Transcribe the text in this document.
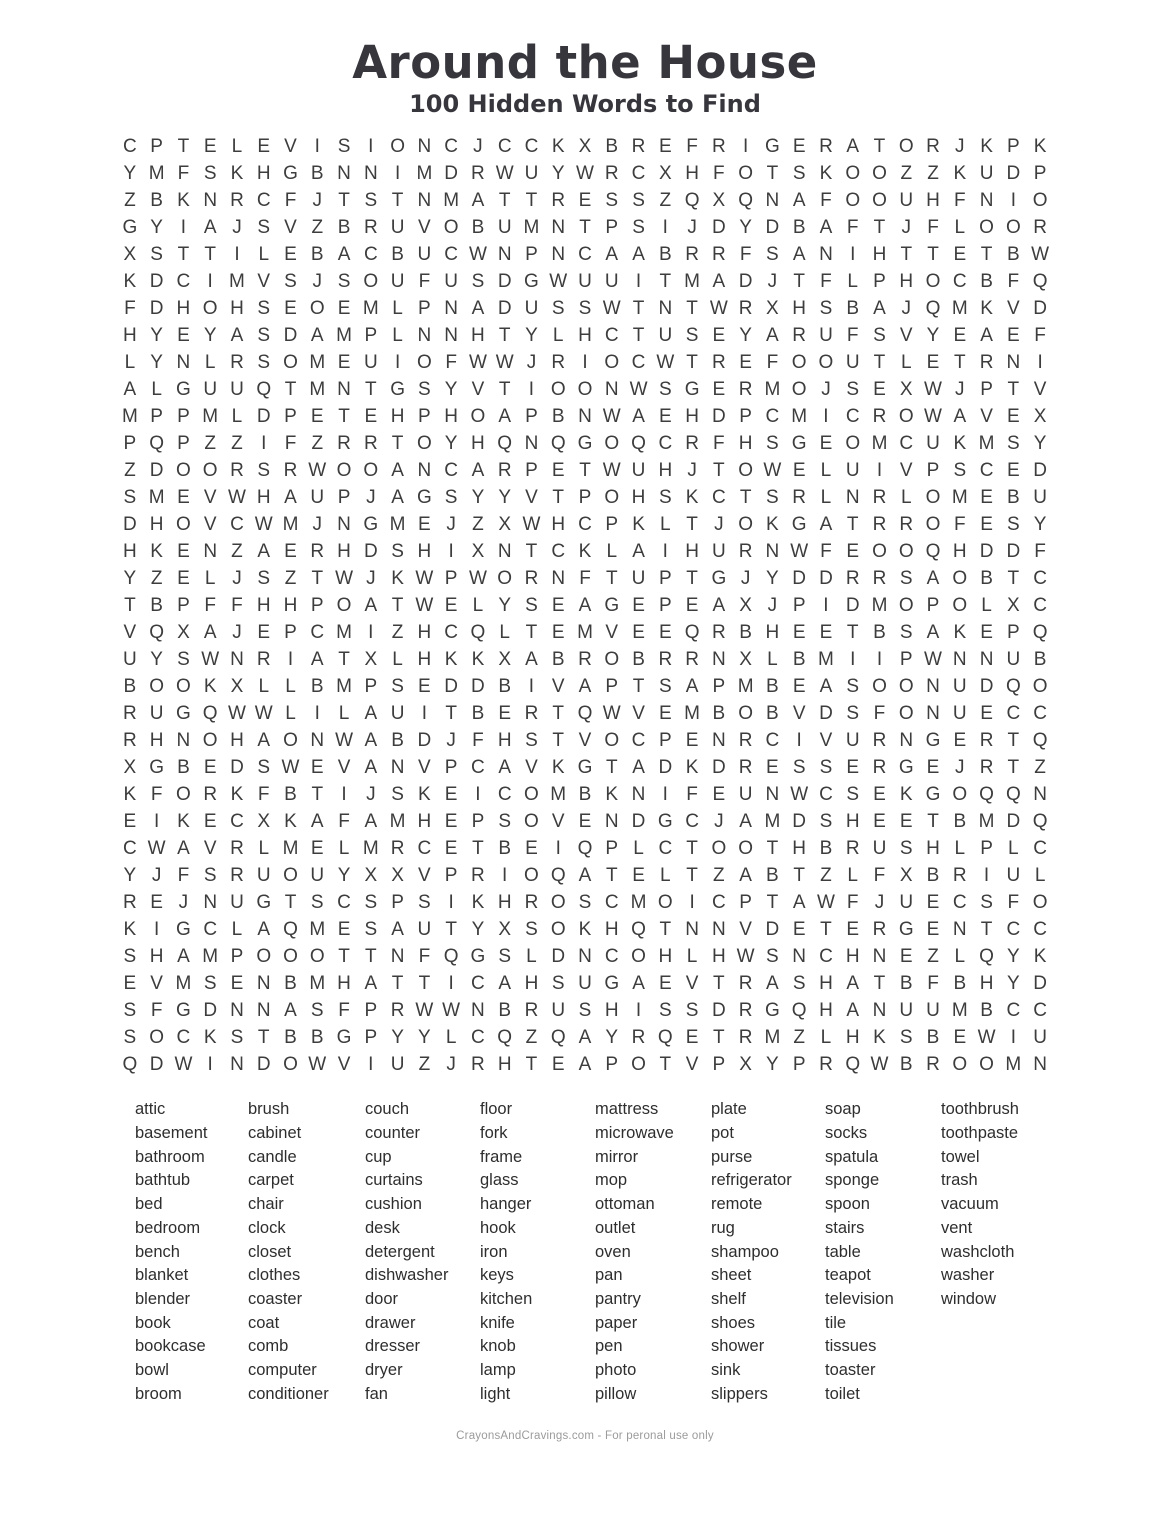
Around the House
100 Hidden Words to Find
C P T E L E V I S I O N C J C C K X B R E F R I G E R A T O R J K P K
Y M F S K H G B N N I M D R W U Y W R C X H F O T S K O O Z Z K U D P
Z B K N R C F J T S T N M A T T R E S S Z Q X Q N A F O O U H F N I O
G Y I A J S V Z B R U V O B U M N T P S I	J D Y D B A F T J F L O O R
X S T T I L E B A C B U C W N P N C A A B R R F S A N I H T T E T B W
K D C I M V S J S O U F U S D G W U U I T M A D J T F L P H O C B F Q
F D H O H S E O E M L P N A D U S S W T N T W R X H S B A J Q M K V D
H Y E Y A S D A M P L N N H T Y L H C T U S E Y A R U F S V Y E A E F
L Y N L R S O M E U I O F W W J R I O C W T R E F O O U T L E T R N I
A L G U U Q T M N T G S Y V T I O O N W S G E R M O J S E X W J P T V
M P P M L D P E T E H P H O A P B N W A E H D P C M I C R O W A V E X
P Q P Z Z I F Z R R T O Y H Q N Q G O Q C R F H S G E O M C U K M S Y
Z D O O R S R W O O A N C A R P E T W U H J T O W E L U I V P S C E D
S M E V W H A U P J A G S Y Y V T P O H S K C T S R L N R L O M E B U
D H O V C W M J N G M E J Z X W H C P K L T J O K G A T R R O F E S Y
H K E N Z A E R H D S H I X N T C K L A I H U R N W F E O O Q H D D F
Y Z E L J S Z T W J K W P W O R N F T U P T G J Y D D R R S A O B T C
T B P F F H H P O A T W E L Y S E A G E P E A X J P I D M O P O L X C
V Q X A J E P C M I Z H C Q L T E M V E E Q R B H E E T B S A K E P Q
U Y S W N R I A T X L H K K X A B R O B R R N X L B M I	I P W N N U B
B O O K X L L B M P S E D D B I V A P T S A P M B E A S O O N U D Q O
R U G Q W W L I L A U I T B E R T Q W V E M B O B V D S F O N U E C C
R H N O H A O N W A B D J F H S T V O C P E N R C I V U R N G E R T Q
X G B E D S W E V A N V P C A V K G T A D K D R E S S E R G E J R T Z
K F O R K F B T I	J S K E I C O M B K N I F E U N W C S E K G O Q Q N
E I K E C X K A F A M H E P S O V E N D G C J A M D S H E E T B M D Q
C W A V R L M E L M R C E T B E I Q P L C T O O T H B R U S H L P L C
Y J F S R U O U Y X X V P R I O Q A T E L T Z A B T Z L F X B R I U L
R E J N U G T S C S P S I K H R O S C M O I C P T A W F J U E C S F O
K I G C L A Q M E S A U T Y X S O K H Q T N N V D E T E R G E N T C C
S H A M P O O O T T N F Q G S L D N C O H L H W S N C H N E Z L Q Y K
E V M S E N B M H A T T I C A H S U G A E V T R A S H A T B F B H Y D
S F G D N N A S F P R W W N B R U S H I S S D R G Q H A N U U M B C C
S O C K S T B B G P Y Y L C Q Z Q A Y R Q E T R M Z L H K S B E W I U
Q D W I N D O W V I U Z J R H T E A P O T V P X Y P R Q W B R O O M N
attic
basement
bathroom
bathtub
bed
bedroom
bench
blanket
blender
book
bookcase
bowl
broom
brush
cabinet
candle
carpet
chair
clock
closet
clothes
coaster
coat
comb
computer
conditioner
couch
counter
cup
curtains
cushion
desk
detergent
dishwasher
door
drawer
dresser
dryer
fan
floor
fork
frame
glass
hanger
hook
iron
keys
kitchen
knife
knob
lamp
light
mattress
microwave
mirror
mop
ottoman
outlet
oven
pan
pantry
paper
pen
photo
pillow
plate
pot
purse
refrigerator
remote
rug
shampoo
sheet
shelf
shoes
shower
sink
slippers
soap
socks
spatula
sponge
spoon
stairs
table
teapot
television
tile
tissues
toaster
toilet
toothbrush
toothpaste
towel
trash
vacuum
vent
washcloth
washer
window
CrayonsAndCravings.com - For peronal use only
